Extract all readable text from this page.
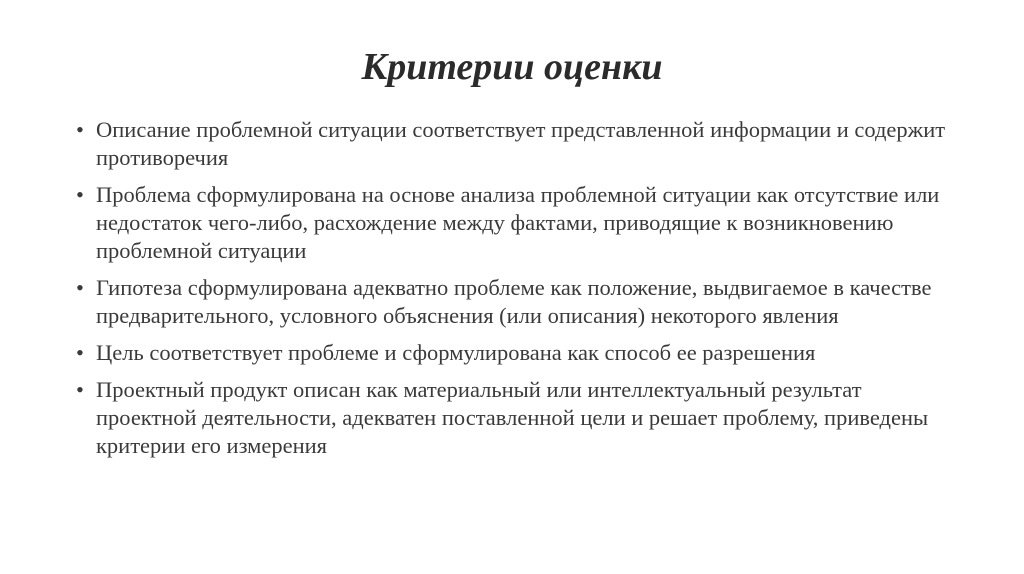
Критерии оценки
• Описание проблемной ситуации соответствует представленной информации и содержит противоречия
• Проблема сформулирована на основе анализа проблемной ситуации как отсутствие или недостаток чего-либо, расхождение между фактами, приводящие к возникновению проблемной ситуации
• Гипотеза сформулирована адекватно проблеме как положение, выдвигаемое в качестве предварительного, условного объяснения (или описания) некоторого явления
• Цель соответствует проблеме и сформулирована как способ ее разрешения
• Проектный продукт описан как материальный или интеллектуальный результат проектной деятельности, адекватен поставленной цели и решает проблему, приведены критерии его измерения
